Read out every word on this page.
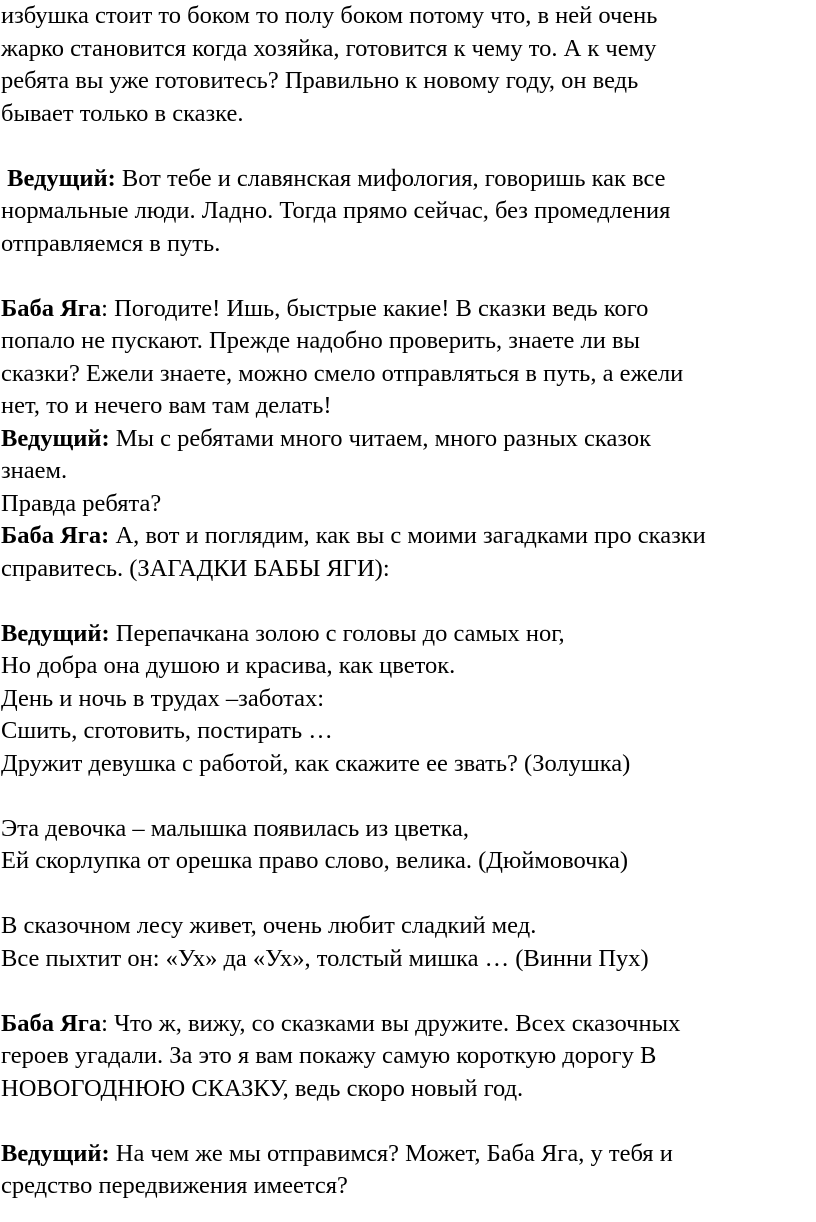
избушка стоит то боком то полу боком потому что, в ней очень
жарко становится когда хозяйка, готовится к чему то. А к чему
ребята вы уже готовитесь? Правильно к новому году, он ведь
бывает только в сказке.
Ведущий: Вот тебе и славянская мифология, говоришь как все
нормальные люди. Ладно. Тогда прямо сейчас, без промедления
отправляемся в путь.
Баба Яга: Погодите! Ишь, быстрые какие! В сказки ведь кого
попало не пускают. Прежде надобно проверить, знаете ли вы
сказки? Ежели знаете, можно смело отправляться в путь, а ежели
нет, то и нечего вам там делать!
Ведущий: Мы с ребятами много читаем, много разных сказок
знаем.
Правда ребята?
Баба Яга: А, вот и поглядим, как вы с моими загадками про сказки
справитесь. (ЗАГАДКИ БАБЫ ЯГИ):
Ведущий: Перепачкана золою с головы до самых ног,
Но добра она душою и красива, как цветок.
День и ночь в трудах –заботах:
Сшить, сготовить, постирать …
Дружит девушка с работой, как скажите ее звать? (Золушка)
Эта девочка – малышка появилась из цветка,
Ей скорлупка от орешка право слово, велика. (Дюймовочка)
В сказочном лесу живет, очень любит сладкий мед.
Все пыхтит он: «Ух» да «Ух», толстый мишка … (Винни Пух)
Баба Яга: Что ж, вижу, со сказками вы дружите. Всех сказочных
героев угадали. За это я вам покажу самую короткую дорогу В
НОВОГОДНЮЮ СКАЗКУ, ведь скоро новый год.
Ведущий: На чем же мы отправимся? Может, Баба Яга, у тебя и
средство передвижения имеется?
